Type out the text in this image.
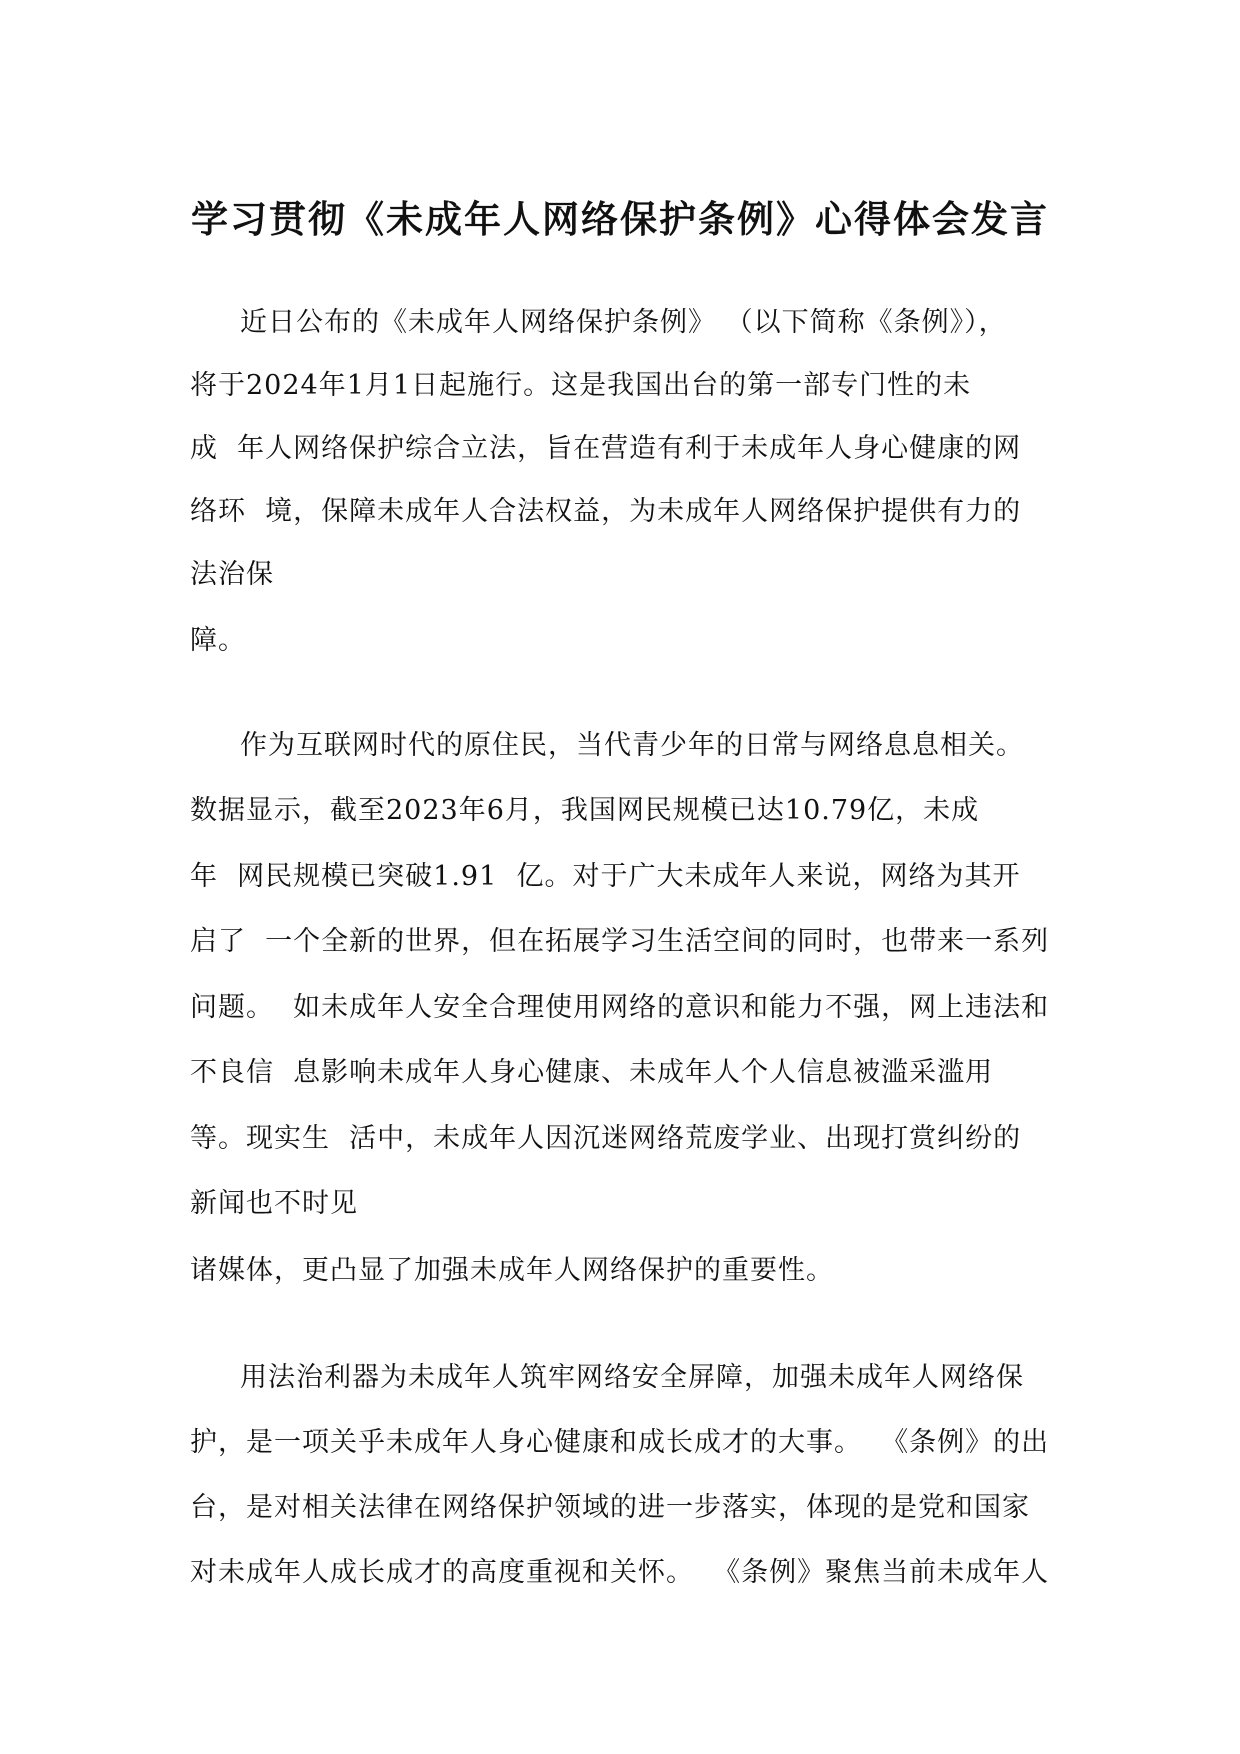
学习贯彻《未成年人网络保护条例》心得体会发言

近日公布的《未成年人网络保护条例》 （以下简称《条例》），

将于2024年1月1日起施行。这是我国出台的第一部专门性的未

成  年人网络保护综合立法，旨在营造有利于未成年人身心健康的网

络环  境，保障未成年人合法权益，为未成年人网络保护提供有力的

法治保

障。

作为互联网时代的原住民，当代青少年的日常与网络息息相关。

数据显示，截至2023年6月，我国网民规模已达10.79亿，未成

年  网民规模已突破1.91  亿。对于广大未成年人来说，网络为其开

启了  一个全新的世界，但在拓展学习生活空间的同时，也带来一系列

问题。  如未成年人安全合理使用网络的意识和能力不强，网上违法和

不良信  息影响未成年人身心健康、未成年人个人信息被滥采滥用

等。现实生  活中，未成年人因沉迷网络荒废学业、出现打赏纠纷的

新闻也不时见

诸媒体，更凸显了加强未成年人网络保护的重要性。

用法治利器为未成年人筑牢网络安全屏障，加强未成年人网络保

护，是一项关乎未成年人身心健康和成长成才的大事。  《条例》的出

台，是对相关法律在网络保护领域的进一步落实，体现的是党和国家

对未成年人成长成才的高度重视和关怀。  《条例》聚焦当前未成年人
